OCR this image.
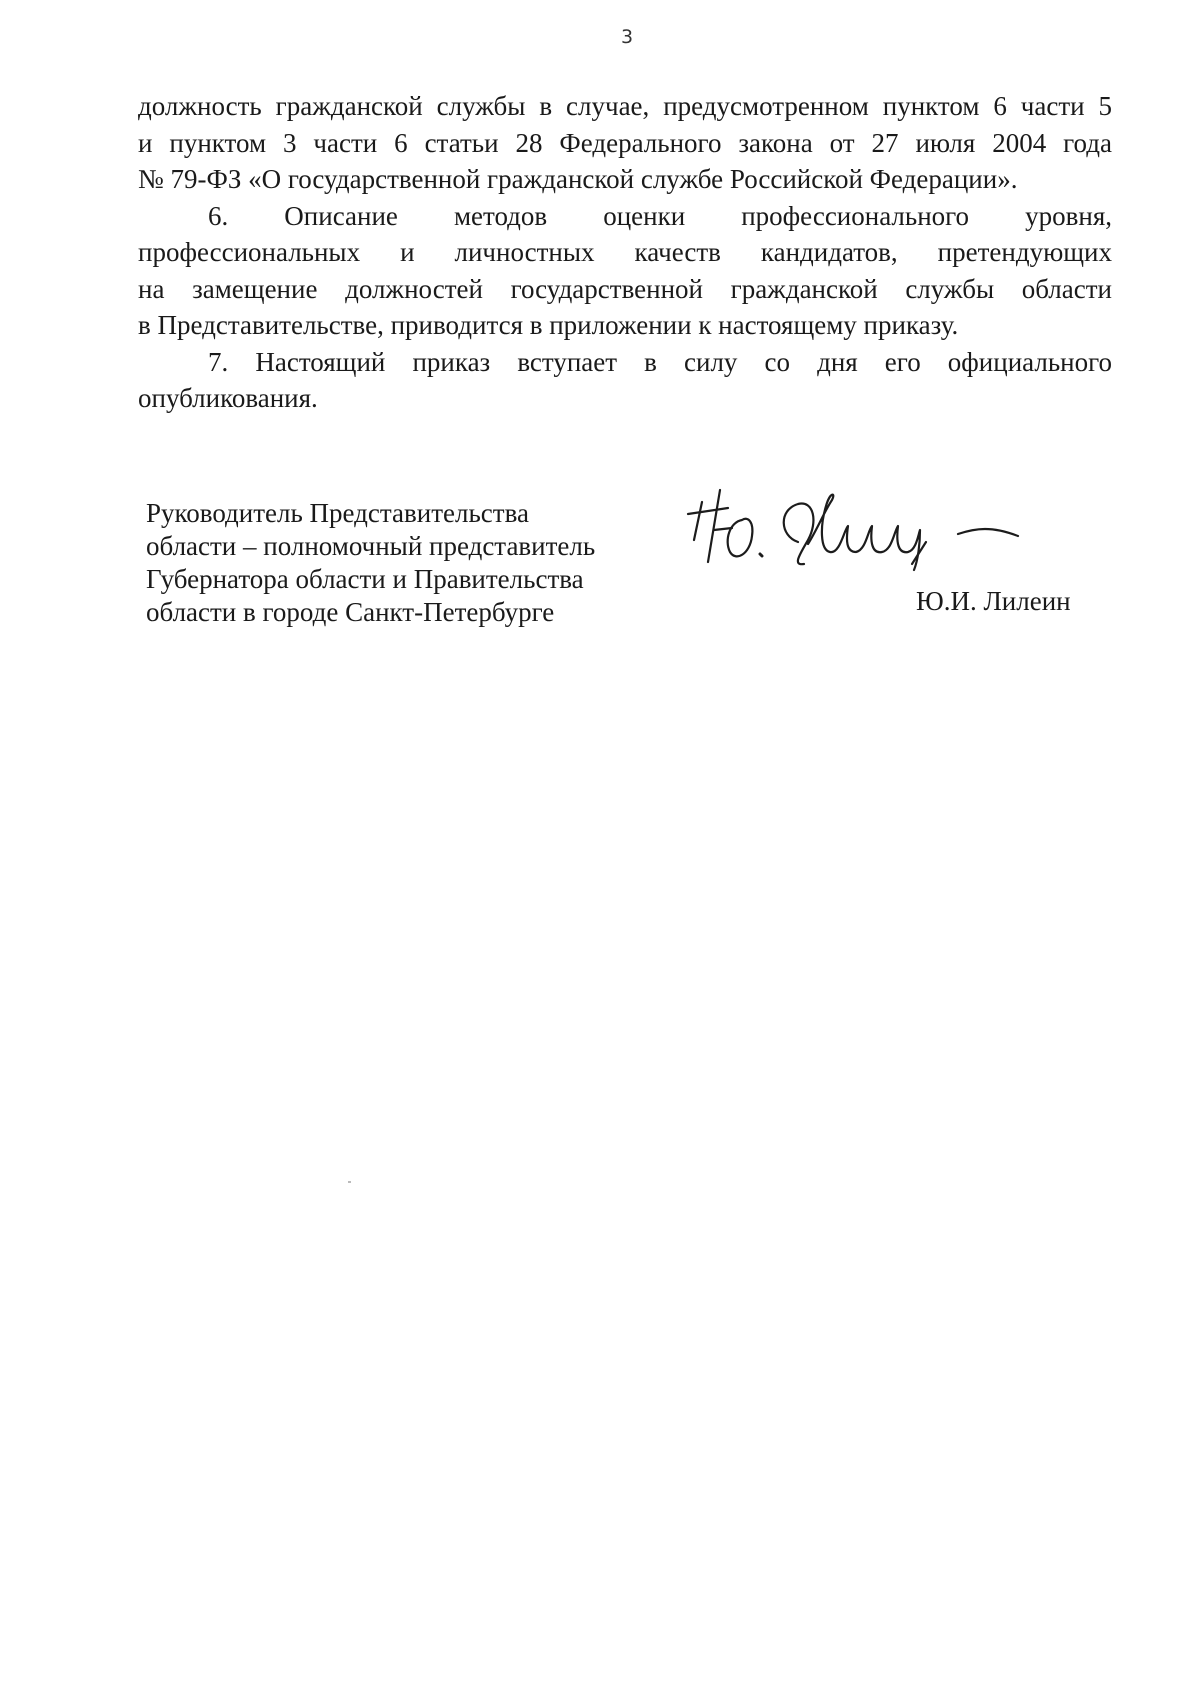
3
должность гражданской службы в случае, предусмотренном пунктом 6 части 5
и пунктом 3 части 6 статьи 28 Федерального закона от 27 июля 2004 года
№ 79-ФЗ «О государственной гражданской службе Российской Федерации».
6. Описание методов оценки профессионального уровня,
профессиональных и личностных качеств кандидатов, претендующих
на замещение должностей государственной гражданской службы области
в Представительстве, приводится в приложении к настоящему приказу.
7. Настоящий приказ вступает в силу со дня его официального
опубликования.
Руководитель Представительства
области – полномочный представитель
Губернатора области и Правительства
области в городе Санкт-Петербурге	Ю.И. Лилеин
